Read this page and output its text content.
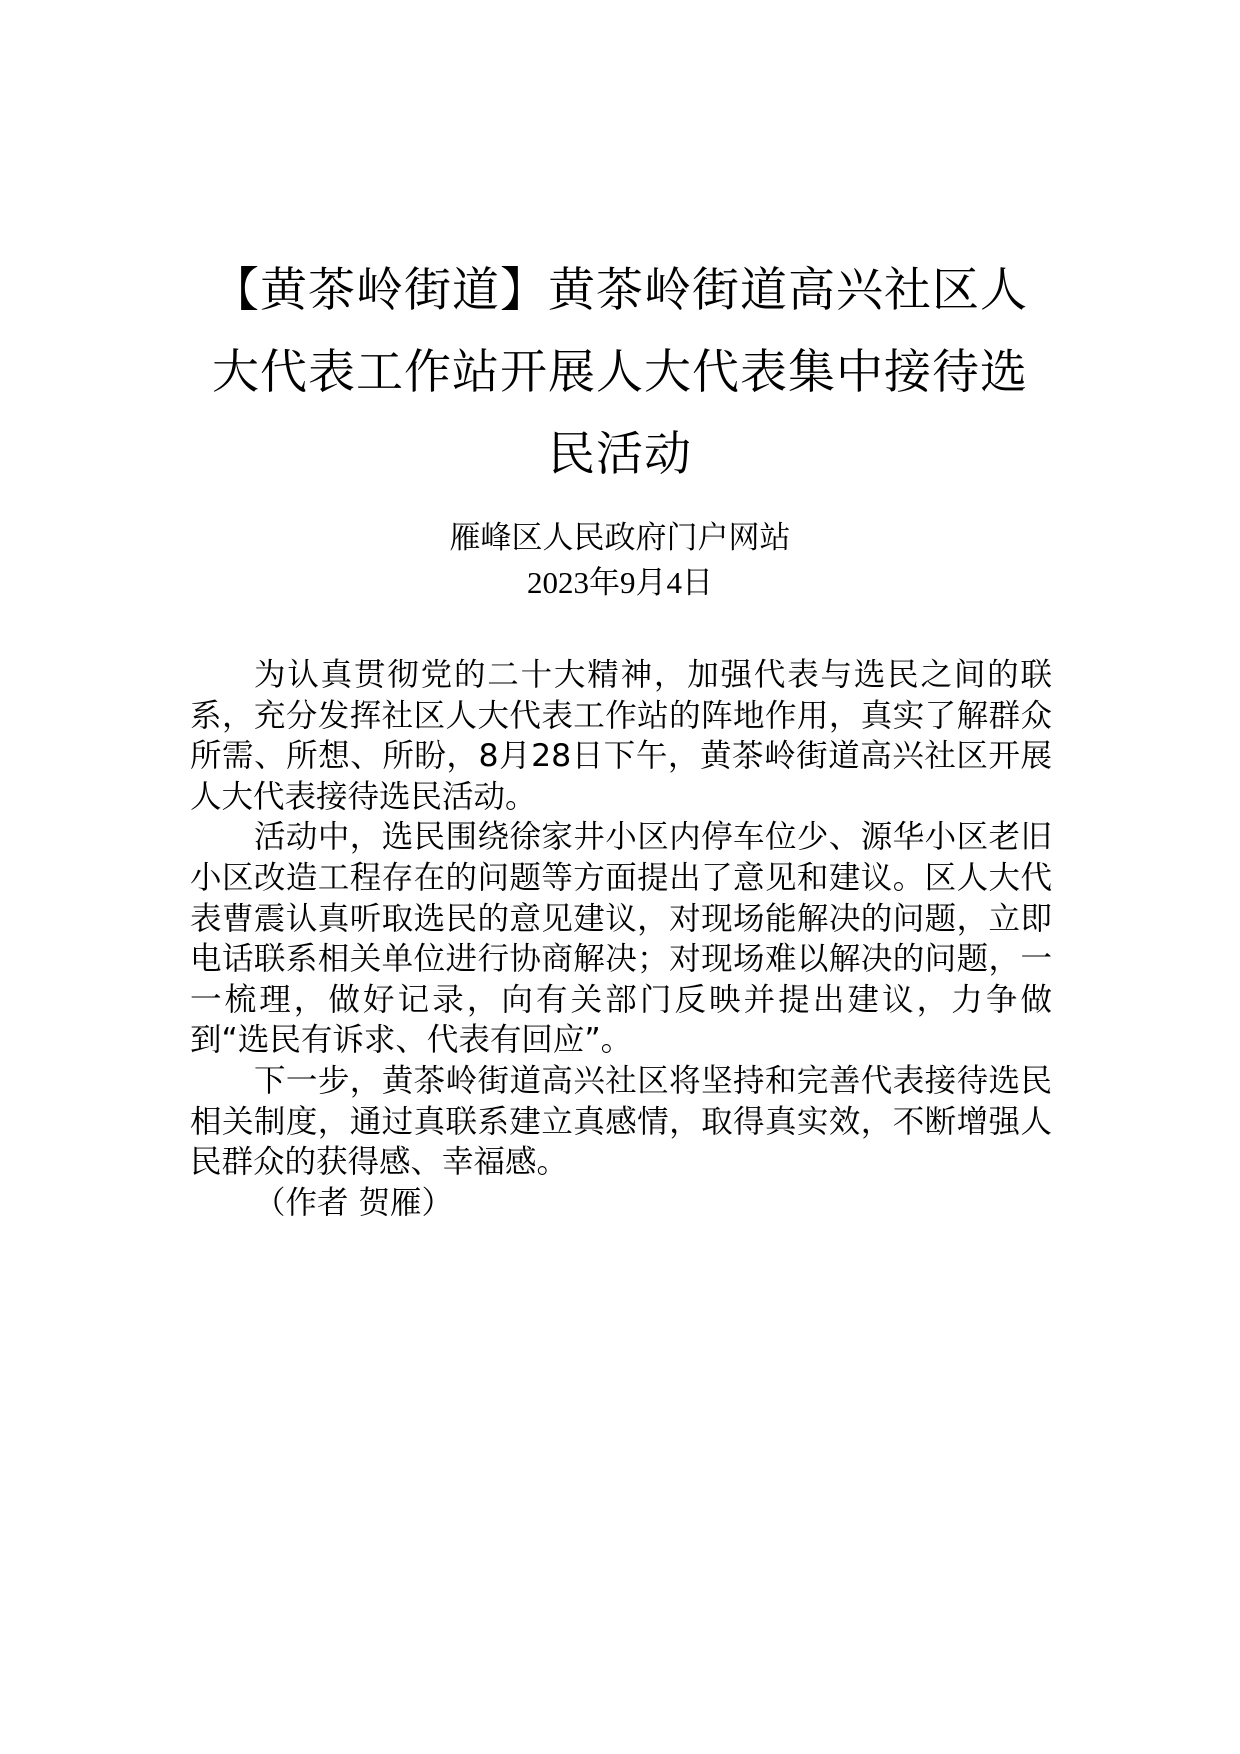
【黄茶岭街道】黄茶岭街道高兴社区人大代表工作站开展人大代表集中接待选民活动
雁峰区人民政府门户网站
2023年9月4日

为认真贯彻党的二十大精神，加强代表与选民之间的联系，充分发挥社区人大代表工作站的阵地作用，真实了解群众所需、所想、所盼，8月28日下午，黄茶岭街道高兴社区开展人大代表接待选民活动。

活动中，选民围绕徐家井小区内停车位少、源华小区老旧小区改造工程存在的问题等方面提出了意见和建议。区人大代表曹震认真听取选民的意见建议，对现场能解决的问题，立即电话联系相关单位进行协商解决；对现场难以解决的问题，一一梳理，做好记录，向有关部门反映并提出建议，力争做到“选民有诉求、代表有回应”。

下一步，黄茶岭街道高兴社区将坚持和完善代表接待选民相关制度，通过真联系建立真感情，取得真实效，不断增强人民群众的获得感、幸福感。

（作者 贺雁）
